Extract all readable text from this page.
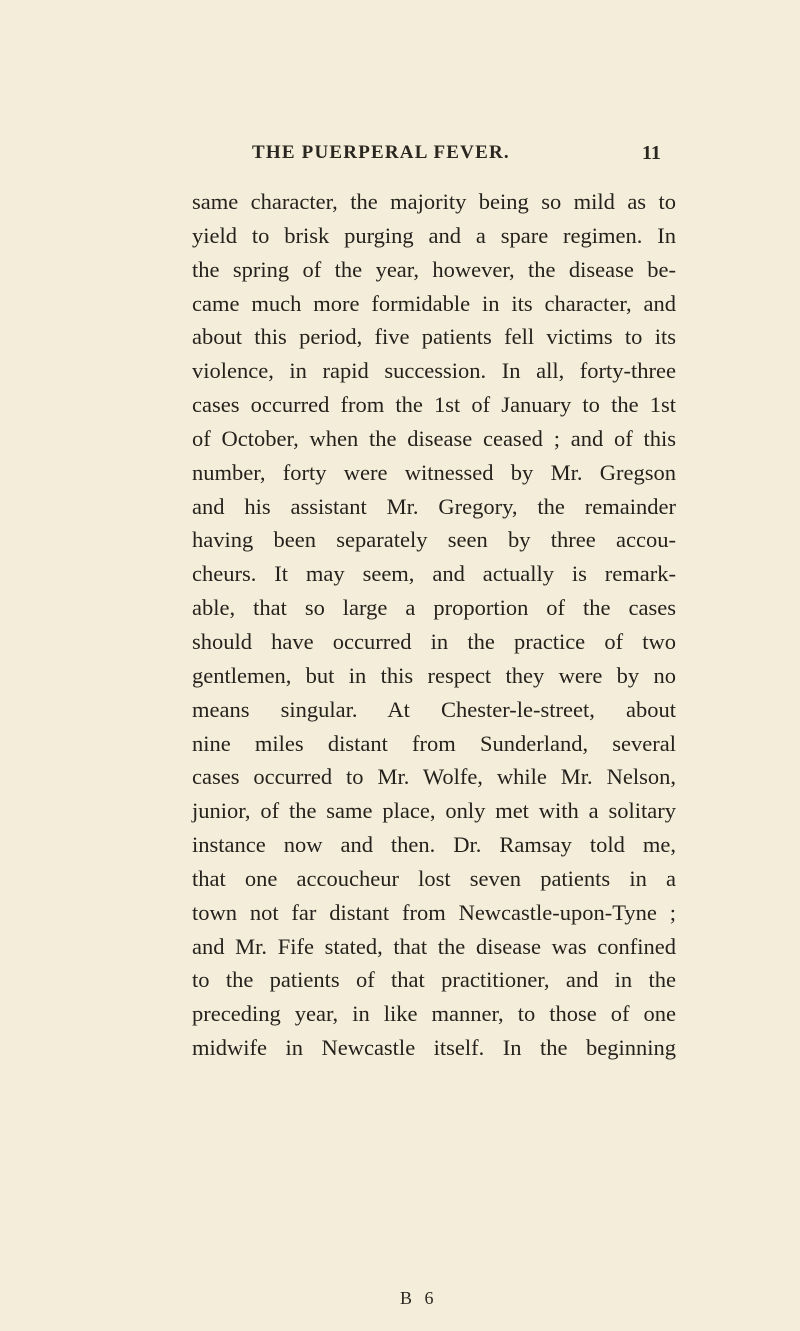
THE PUERPERAL FEVER.	11
same character, the majority being so mild as to
yield to brisk purging and a spare regimen. In
the spring of the year, however, the disease be-
came much more formidable in its character, and
about this period, five patients fell victims to its
violence, in rapid succession. In all, forty-three
cases occurred from the 1st of January to the 1st
of October, when the disease ceased ; and of this
number, forty were witnessed by Mr. Gregson
and his assistant Mr. Gregory, the remainder
having been separately seen by three accou-
cheurs. It may seem, and actually is remark-
able, that so large a proportion of the cases
should have occurred in the practice of two
gentlemen, but in this respect they were by no
means singular. At Chester-le-street, about
nine miles distant from Sunderland, several
cases occurred to Mr. Wolfe, while Mr. Nelson,
junior, of the same place, only met with a solitary
instance now and then. Dr. Ramsay told me,
that one accoucheur lost seven patients in a
town not far distant from Newcastle-upon-Tyne ;
and Mr. Fife stated, that the disease was confined
to the patients of that practitioner, and in the
preceding year, in like manner, to those of one
midwife in Newcastle itself. In the beginning
B 6
